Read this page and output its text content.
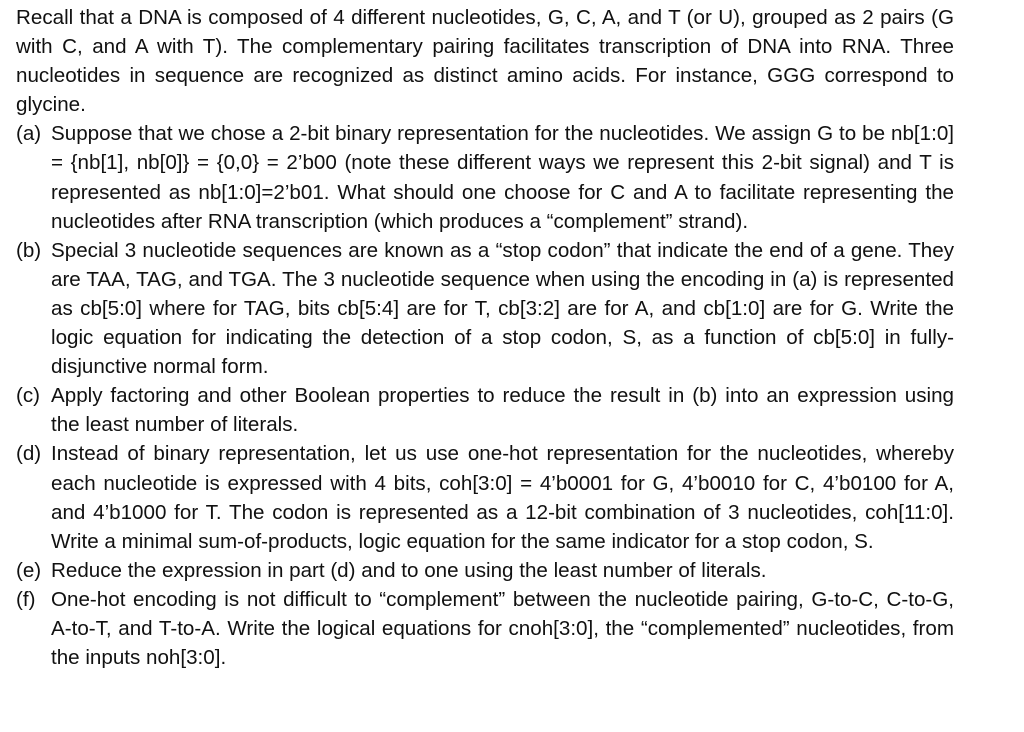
Recall that a DNA is composed of 4 different nucleotides, G, C, A, and T (or U), grouped as 2 pairs (G with C, and A with T). The complementary pairing facilitates transcription of DNA into RNA. Three nucleotides in sequence are recognized as distinct amino acids. For instance, GGG correspond to glycine.

(a) Suppose that we chose a 2-bit binary representation for the nucleotides. We assign G to be nb[1:0] = {nb[1], nb[0]} = {0,0} = 2’b00 (note these different ways we represent this 2-bit signal) and T is represented as nb[1:0]=2’b01. What should one choose for C and A to facilitate representing the nucleotides after RNA transcription (which produces a “complement” strand).
(b) Special 3 nucleotide sequences are known as a “stop codon” that indicate the end of a gene. They are TAA, TAG, and TGA. The 3 nucleotide sequence when using the encoding in (a) is represented as cb[5:0] where for TAG, bits cb[5:4] are for T, cb[3:2] are for A, and cb[1:0] are for G. Write the logic equation for indicating the detection of a stop codon, S, as a function of cb[5:0] in fully-disjunctive normal form.
(c) Apply factoring and other Boolean properties to reduce the result in (b) into an expression using the least number of literals.
(d) Instead of binary representation, let us use one-hot representation for the nucleotides, whereby each nucleotide is expressed with 4 bits, coh[3:0] = 4’b0001 for G, 4’b0010 for C, 4’b0100 for A, and 4’b1000 for T. The codon is represented as a 12-bit combination of 3 nucleotides, coh[11:0]. Write a minimal sum-of-products, logic equation for the same indicator for a stop codon, S.
(e) Reduce the expression in part (d) and to one using the least number of literals.
(f) One-hot encoding is not difficult to “complement” between the nucleotide pairing, G-to-C, C-to-G, A-to-T, and T-to-A. Write the logical equations for cnoh[3:0], the “complemented” nucleotides, from the inputs noh[3:0].
